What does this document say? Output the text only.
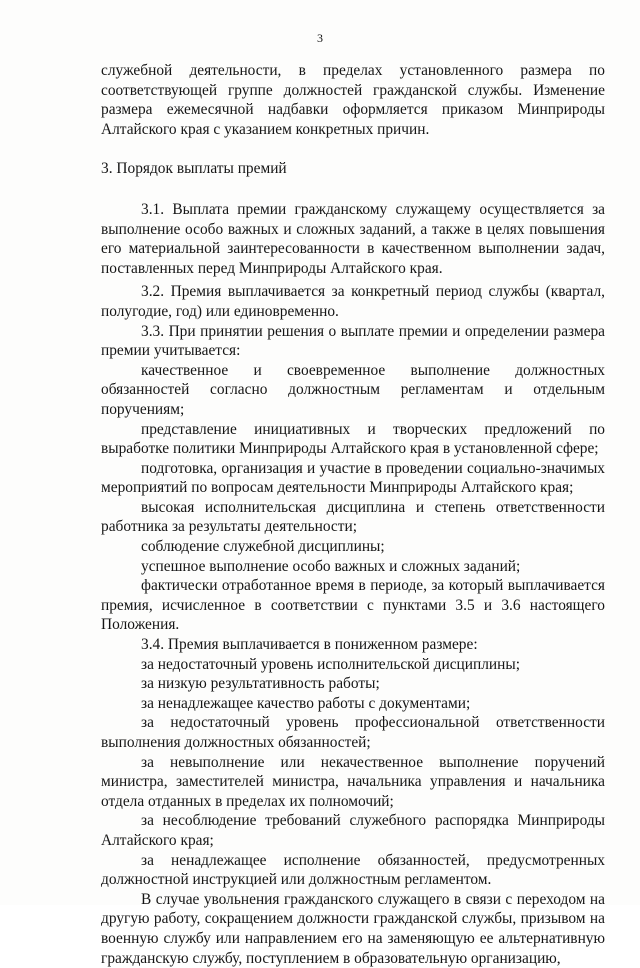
3

служебной деятельности, в пределах установленного размера по соответствующей группе должностей гражданской службы. Изменение размера ежемесячной надбавки оформляется приказом Минприроды Алтайского края с указанием конкретных причин.

3. Порядок выплаты премий

3.1. Выплата премии гражданскому служащему осуществляется за выполнение особо важных и сложных заданий, а также в целях повышения его материальной заинтересованности в качественном выполнении задач, поставленных перед Минприроды Алтайского края.

3.2. Премия выплачивается за конкретный период службы (квартал, полугодие, год) или единовременно.

3.3. При принятии решения о выплате премии и определении размера премии учитывается:

качественное и своевременное выполнение должностных обязанностей согласно должностным регламентам и отдельным поручениям;

представление инициативных и творческих предложений по выработке политики Минприроды Алтайского края в установленной сфере;

подготовка, организация и участие в проведении социально-значимых мероприятий по вопросам деятельности Минприроды Алтайского края;

высокая исполнительская дисциплина и степень ответственности работника за результаты деятельности;

соблюдение служебной дисциплины;

успешное выполнение особо важных и сложных заданий;

фактически отработанное время в периоде, за который выплачивается премия, исчисленное в соответствии с пунктами 3.5 и 3.6 настоящего Положения.

3.4. Премия выплачивается в пониженном размере:

за недостаточный уровень исполнительской дисциплины;

за низкую результативность работы;

за ненадлежащее качество работы с документами;

за недостаточный уровень профессиональной ответственности выполнения должностных обязанностей;

за невыполнение или некачественное выполнение поручений министра, заместителей министра, начальника управления и начальника отдела отданных в пределах их полномочий;

за несоблюдение требований служебного распорядка Минприроды Алтайского края;

за ненадлежащее исполнение обязанностей, предусмотренных должностной инструкцией или должностным регламентом.

В случае увольнения гражданского служащего в связи с переходом на другую работу, сокращением должности гражданской службы, призывом на военную службу или направлением его на заменяющую ее альтернативную гражданскую службу, поступлением в образовательную организацию,
